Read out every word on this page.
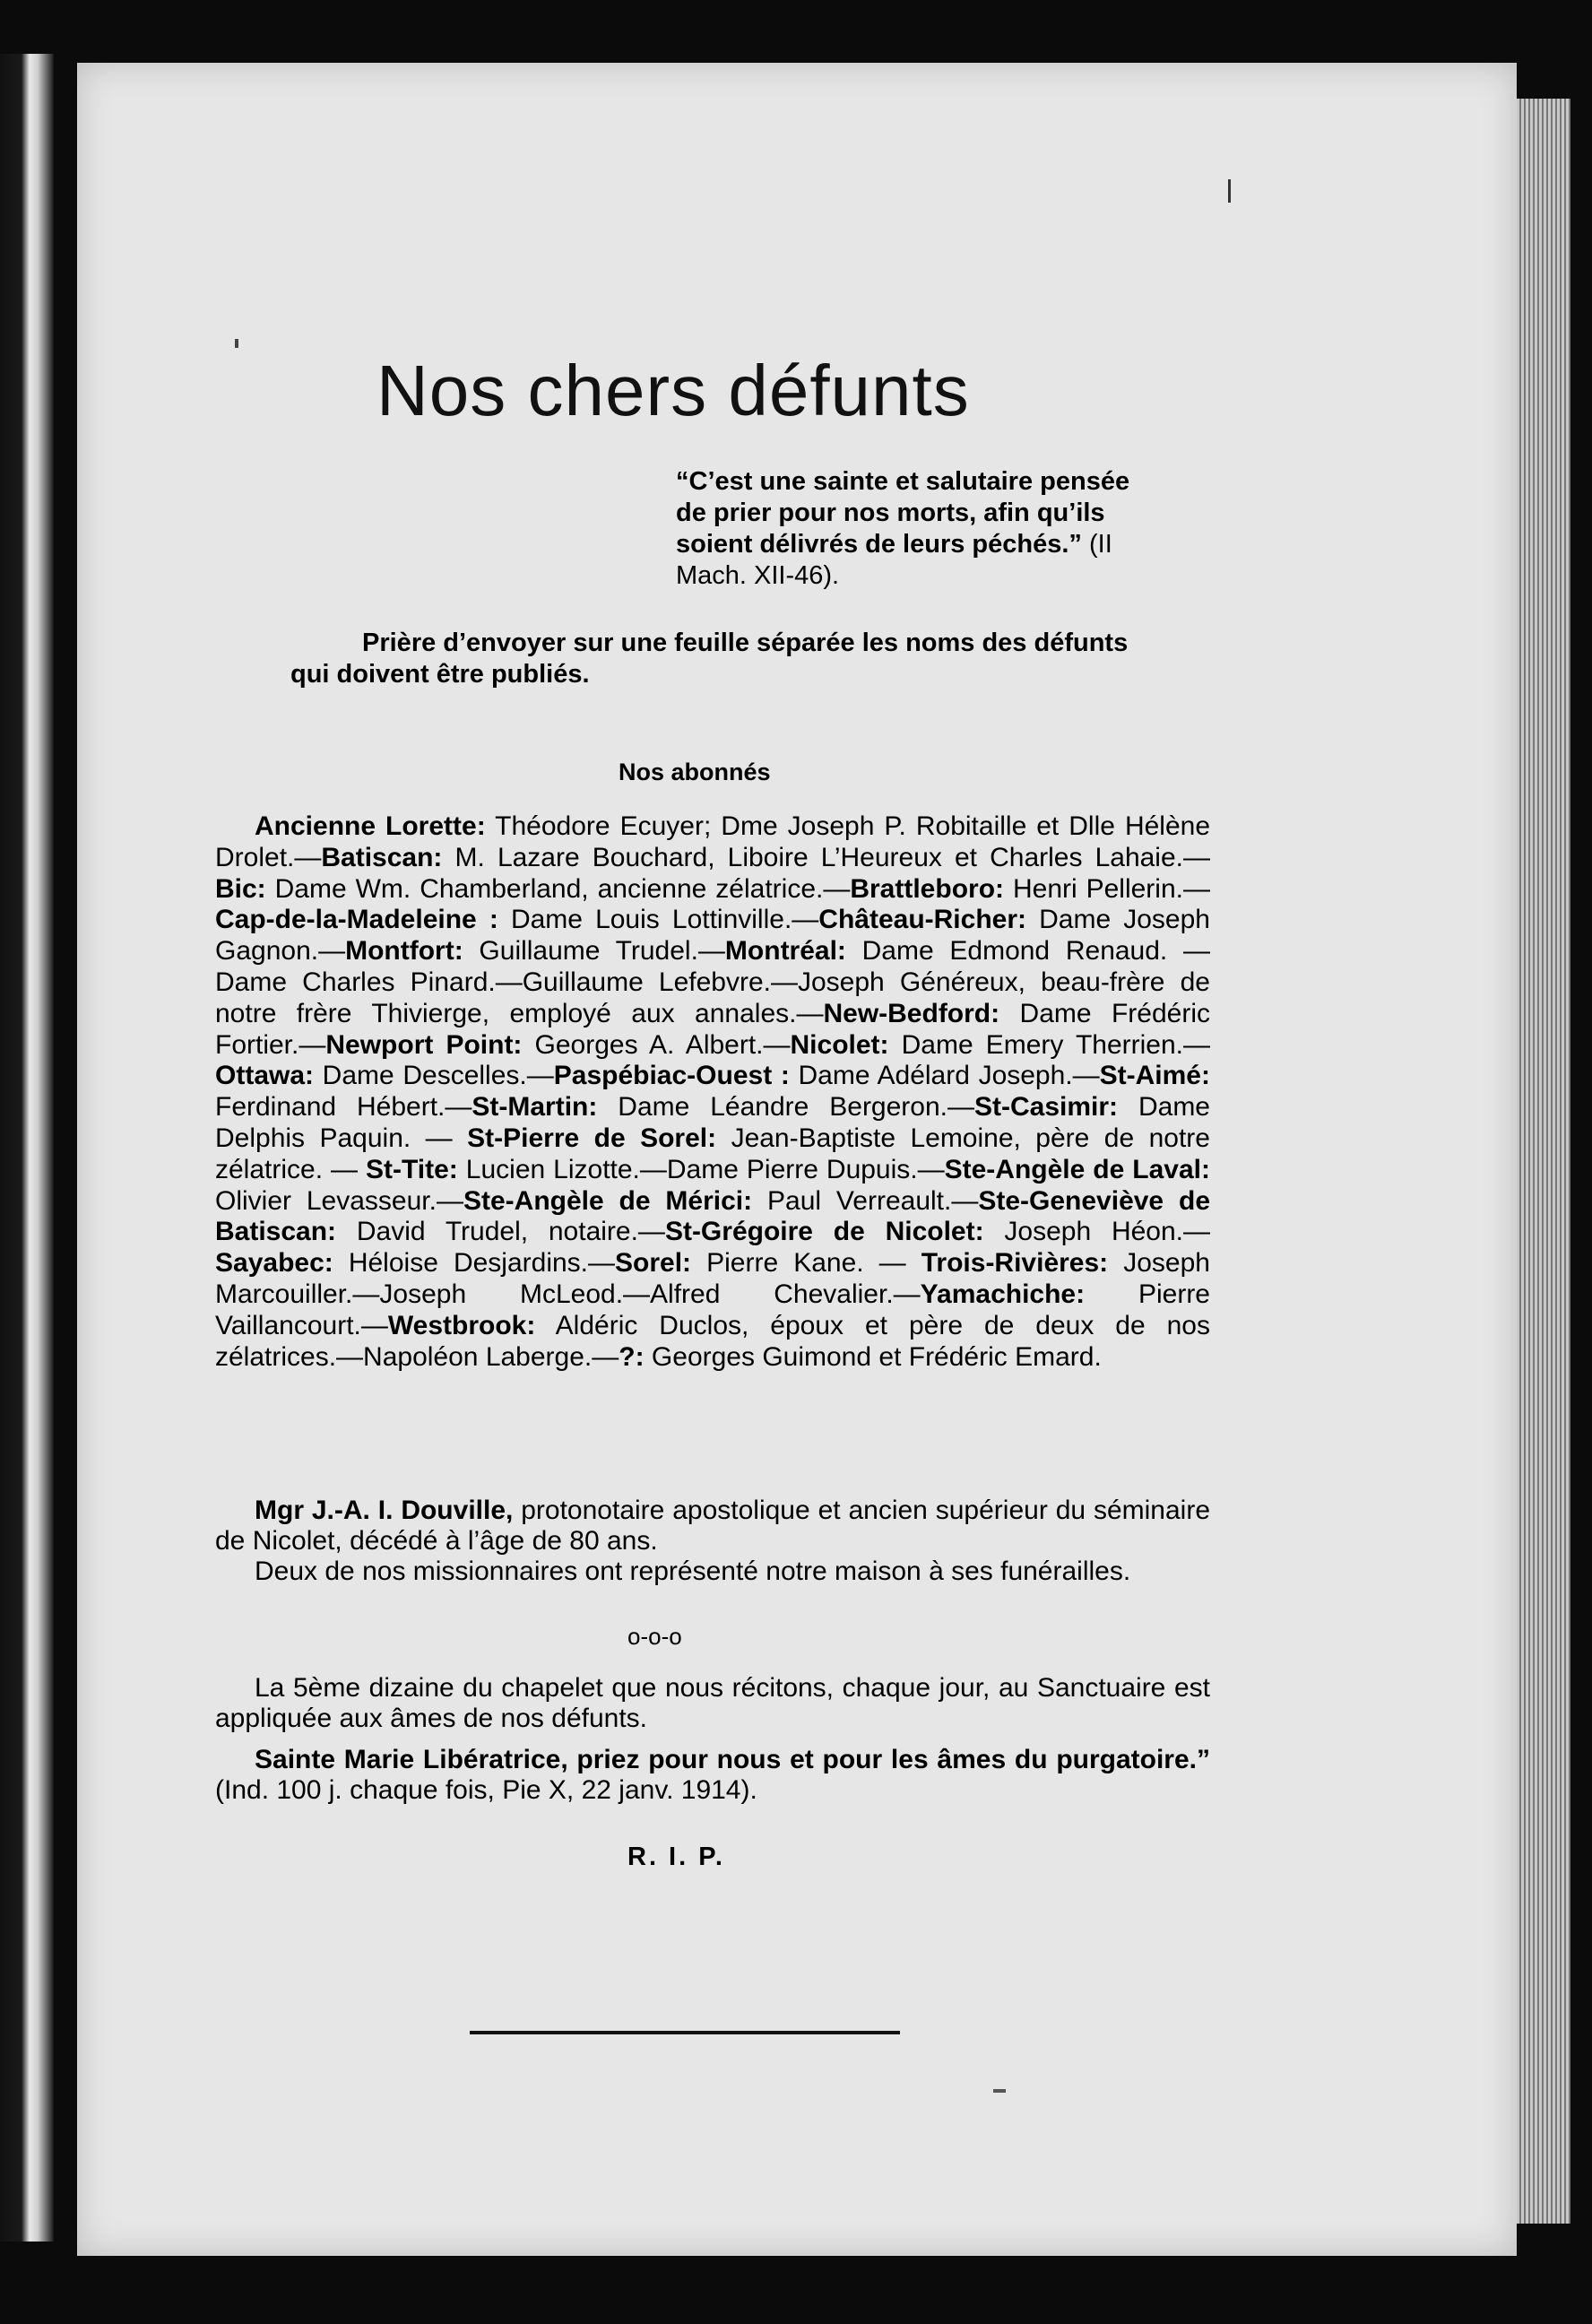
Nos chers défunts
“C’est une sainte et salutaire pensée de prier pour nos morts, afin qu’ils soient délivrés de leurs péchés.” (II Mach. XII-46).
Prière d’envoyer sur une feuille séparée les noms des défunts qui doivent être publiés.
Nos abonnés
Ancienne Lorette: Théodore Ecuyer; Dme Joseph P. Robitaille et Dlle Hélène Drolet.—Batiscan: M. Lazare Bouchard, Liboire L’Heureux et Charles Lahaie.—Bic: Dame Wm. Chamberland, ancienne zélatrice.—Brattleboro: Henri Pellerin.—Cap-de-la-Madeleine : Dame Louis Lottinville.—Château-Richer: Dame Joseph Gagnon.—Montfort: Guillaume Trudel.—Montréal: Dame Edmond Renaud. — Dame Charles Pinard.—Guillaume Lefebvre.—Joseph Généreux, beau-frère de notre frère Thivierge, employé aux annales.—New-Bedford: Dame Frédéric Fortier.—Newport Point: Georges A. Albert.—Nicolet: Dame Emery Therrien.—Ottawa: Dame Descelles.—Paspébiac-Ouest : Dame Adélard Joseph.—St-Aimé: Ferdinand Hébert.—St-Martin: Dame Léandre Bergeron.—St-Casimir: Dame Delphis Paquin. — St-Pierre de Sorel: Jean-Baptiste Lemoine, père de notre zélatrice. — St-Tite: Lucien Lizotte.—Dame Pierre Dupuis.—Ste-Angèle de Laval: Olivier Levasseur.—Ste-Angèle de Mérici: Paul Verreault.—Ste-Geneviève de Batiscan: David Trudel, notaire.—St-Grégoire de Nicolet: Joseph Héon.—Sayabec: Héloise Desjardins.—Sorel: Pierre Kane. — Trois-Rivières: Joseph Marcouiller.—Joseph McLeod.—Alfred Chevalier.—Yamachiche: Pierre Vaillancourt.—Westbrook: Aldéric Duclos, époux et père de deux de nos zélatrices.—Napoléon Laberge.—?: Georges Guimond et Frédéric Emard.

Mgr J.-A. I. Douville, protonotaire apostolique et ancien supérieur du séminaire de Nicolet, décédé à l’âge de 80 ans.

Deux de nos missionnaires ont représenté notre maison à ses funérailles.

o-o-o

La 5ème dizaine du chapelet que nous récitons, chaque jour, au Sanctuaire est appliquée aux âmes de nos défunts.

Sainte Marie Libératrice, priez pour nous et pour les âmes du purgatoire.” (Ind. 100 j. chaque fois, Pie X, 22 janv. 1914).

R. I. P.
